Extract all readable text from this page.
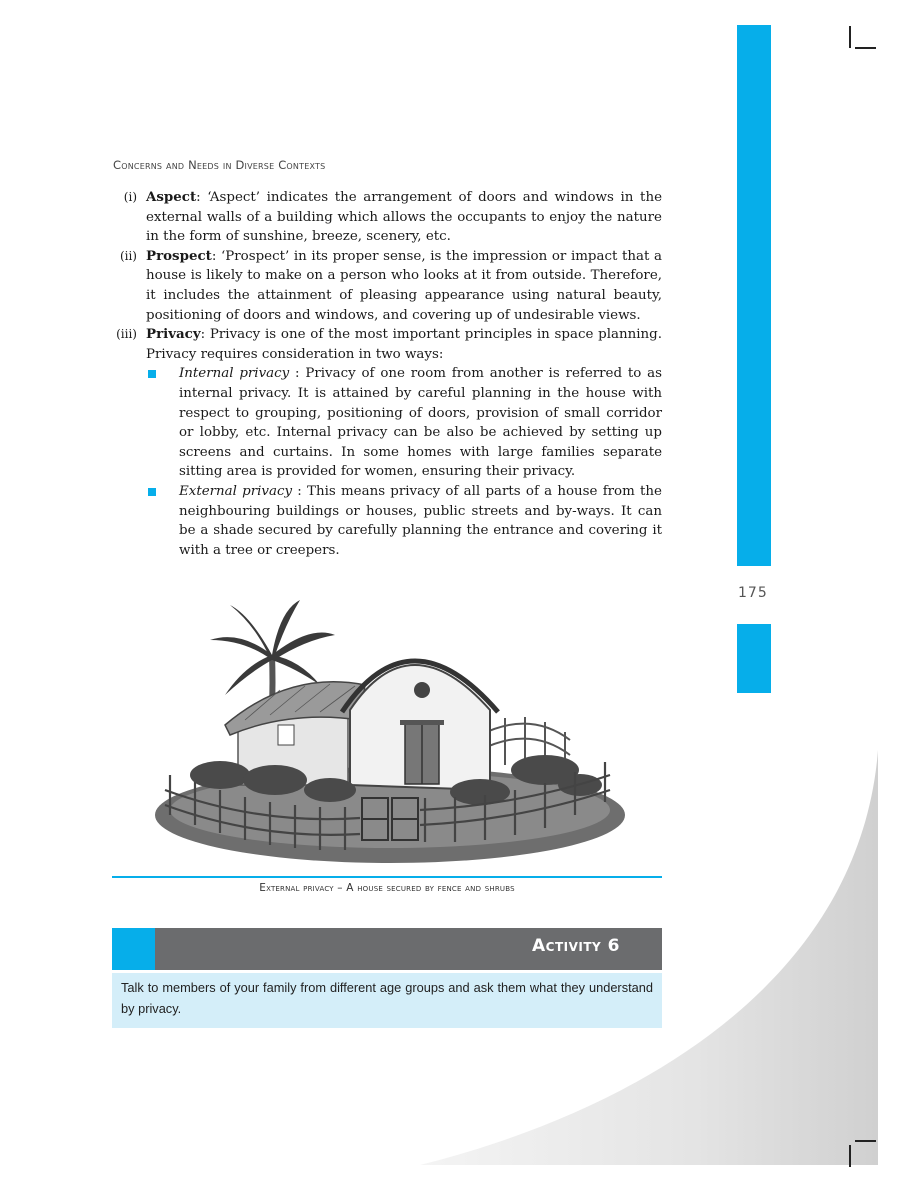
175
Concerns and Needs in Diverse Contexts
(i) Aspect: ‘Aspect’ indicates the arrangement of doors and windows in the external walls of a building which allows the occupants to enjoy the nature in the form of sunshine, breeze, scenery, etc.
(ii) Prospect: ‘Prospect’ in its proper sense, is the impression or impact that a house is likely to make on a person who looks at it from outside. Therefore, it includes the attainment of pleasing appearance using natural beauty, positioning of doors and windows, and covering up of undesirable views.
(iii) Privacy: Privacy is one of the most important principles in space planning. Privacy requires consideration in two ways:
Internal privacy : Privacy of one room from another is referred to as internal privacy. It is attained by careful planning in the house with respect to grouping, positioning of doors, provision of small corridor or lobby, etc. Internal privacy can be also be achieved by setting up screens and curtains. In some homes with large families separate sitting area is provided for women, ensuring their privacy.
External privacy : This means privacy of all parts of a house from the neighbouring buildings or houses, public streets and by-ways. It can be a shade secured by carefully planning the entrance and covering it with a tree or creepers.
External privacy – A house secured by fence and shrubs
Activity 6
Talk to members of your family from different age groups and ask them what they understand by privacy.
